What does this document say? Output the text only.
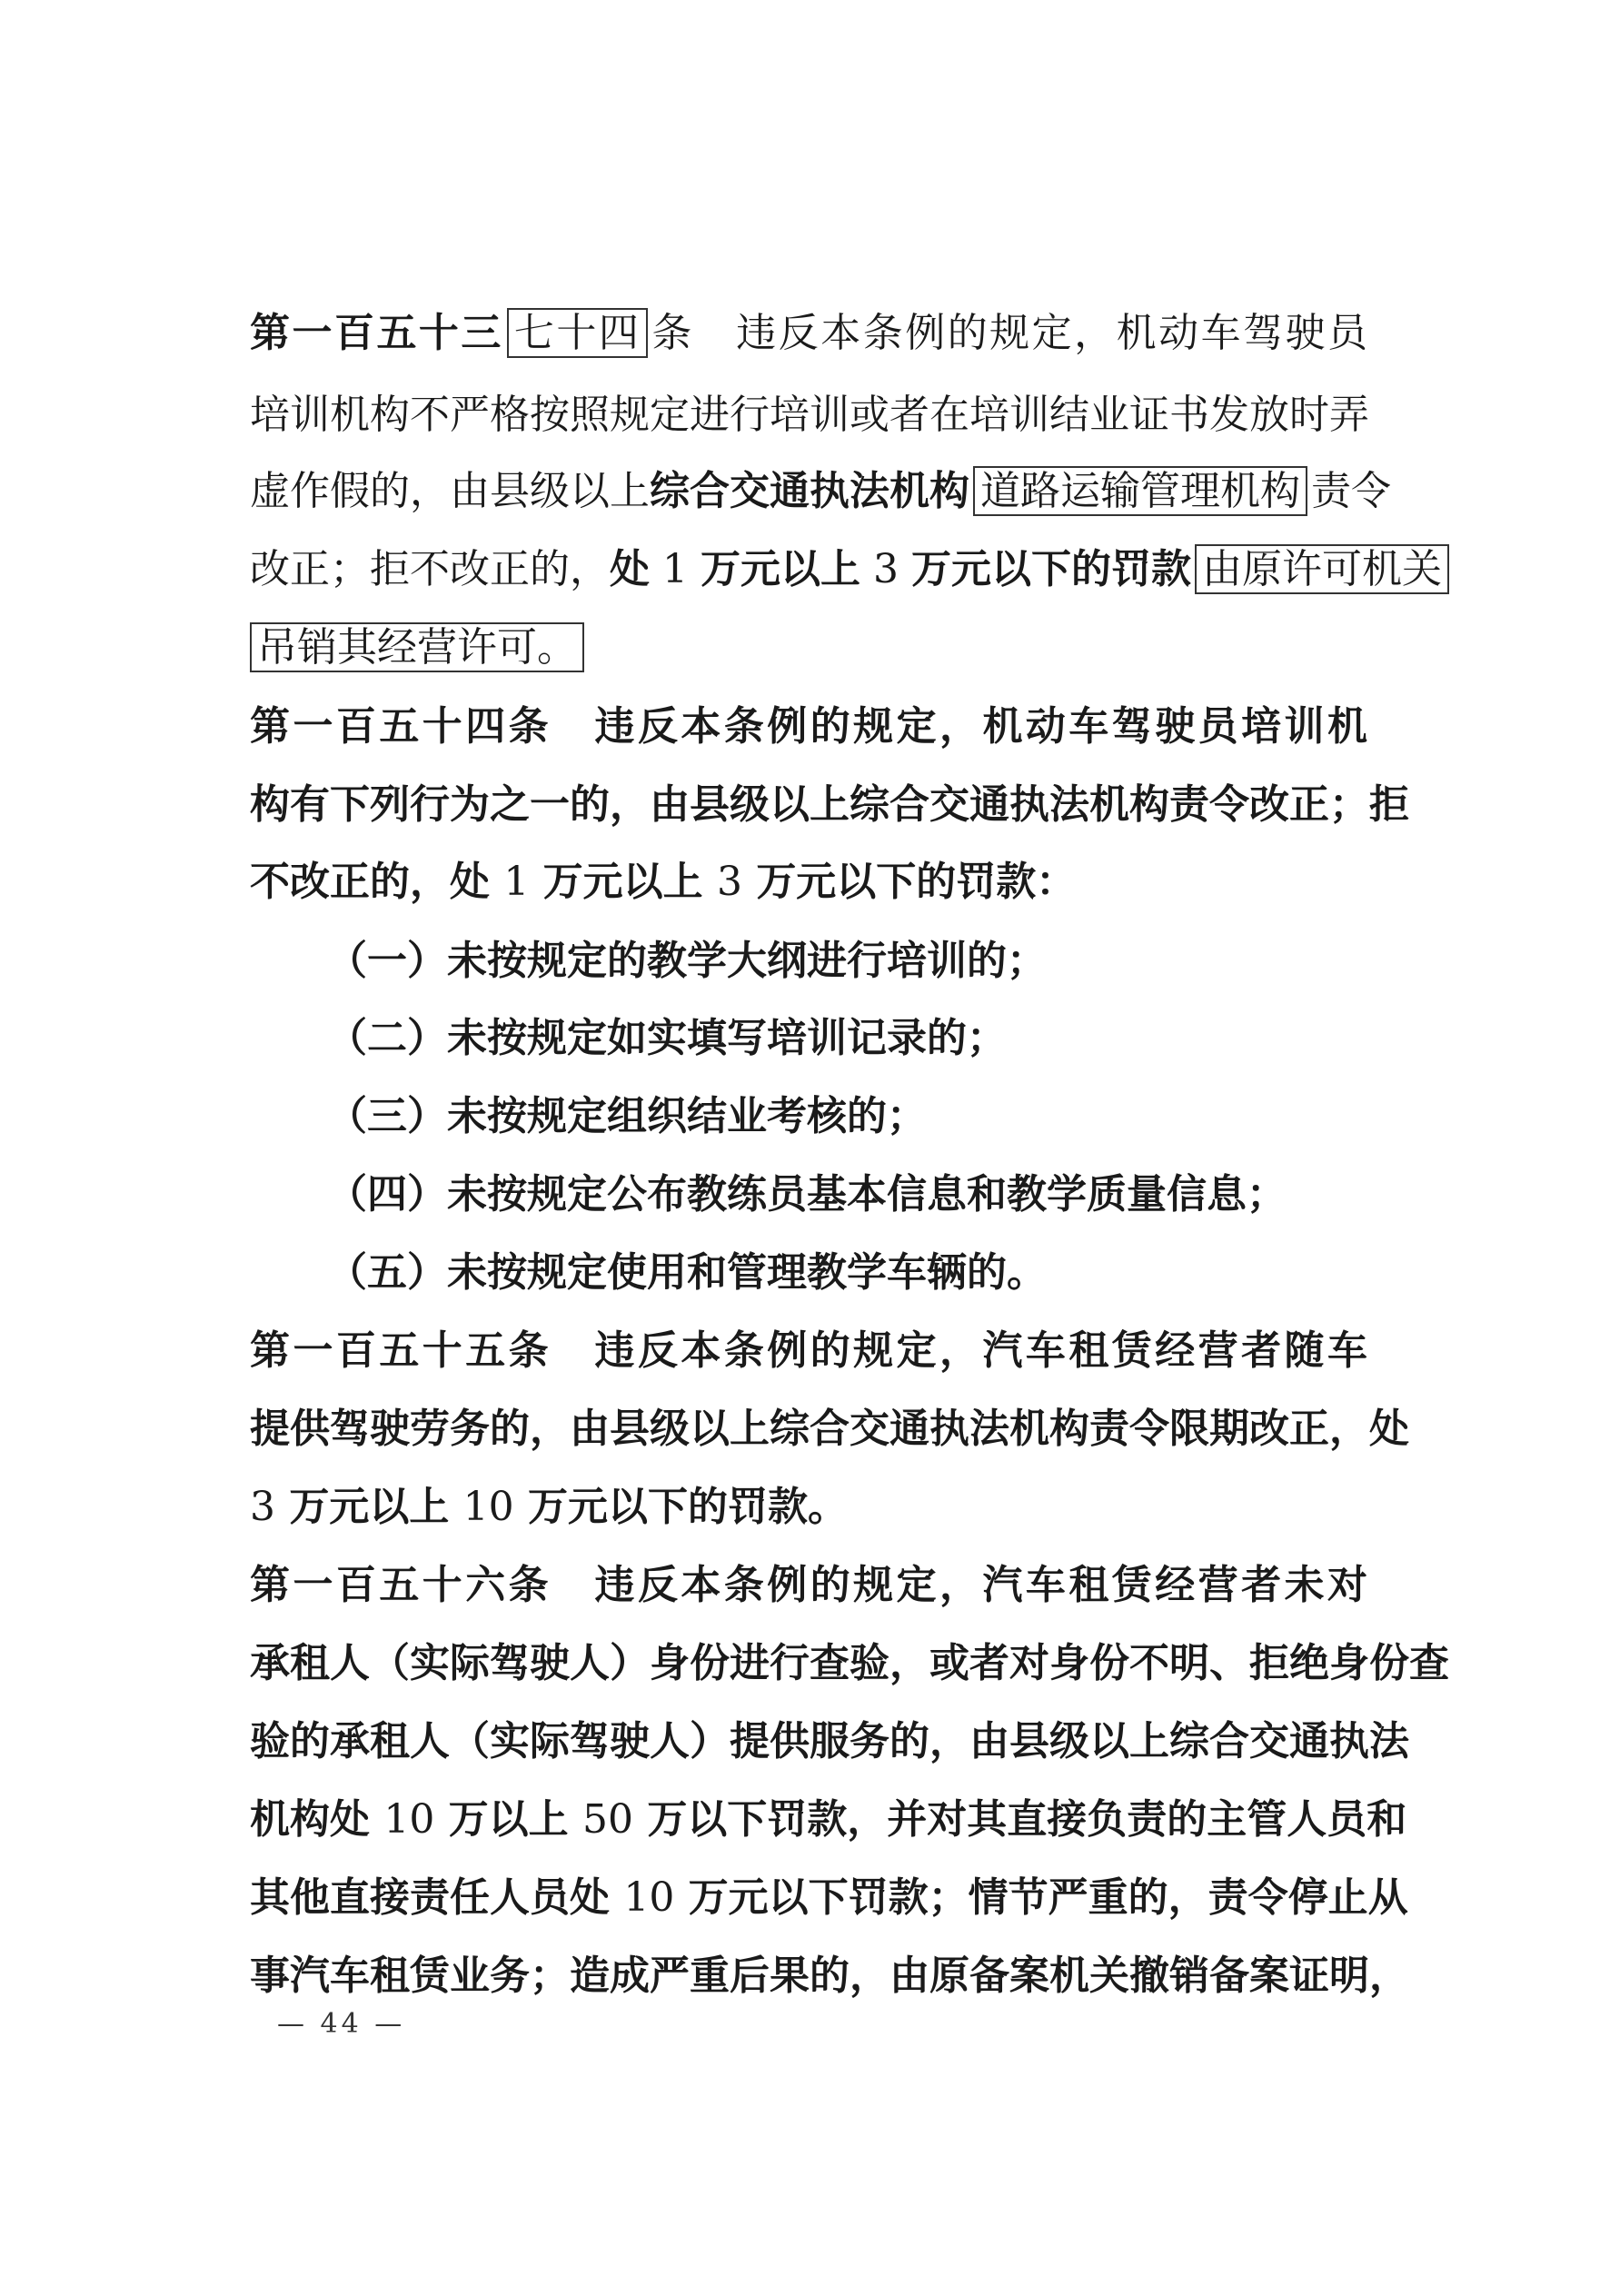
第一百五十三 七十四 条　违反本条例的规定，机动车驾驶员
培训机构不严格按照规定进行培训或者在培训结业证书发放时弄
虚作假的，由县级以上综合交通执法机构 道路运输管理机构 责令
改正；拒不改正的，处 1 万元以上 3 万元以下的罚款 由原许可机关
吊销其经营许可。
第一百五十四条　违反本条例的规定，机动车驾驶员培训机
构有下列行为之一的，由县级以上综合交通执法机构责令改正；拒
不改正的，处 1 万元以上 3 万元以下的罚款：
（一）未按规定的教学大纲进行培训的；
（二）未按规定如实填写培训记录的；
（三）未按规定组织结业考核的；
（四）未按规定公布教练员基本信息和教学质量信息；
（五）未按规定使用和管理教学车辆的。
第一百五十五条　违反本条例的规定，汽车租赁经营者随车
提供驾驶劳务的，由县级以上综合交通执法机构责令限期改正，处
3 万元以上 10 万元以下的罚款。
第一百五十六条　违反本条例的规定，汽车租赁经营者未对
承租人（实际驾驶人）身份进行查验，或者对身份不明、拒绝身份查
验的承租人（实际驾驶人）提供服务的，由县级以上综合交通执法
机构处 10 万以上 50 万以下罚款，并对其直接负责的主管人员和
其他直接责任人员处 10 万元以下罚款；情节严重的，责令停止从
事汽车租赁业务；造成严重后果的，由原备案机关撤销备案证明，
— 44 —
